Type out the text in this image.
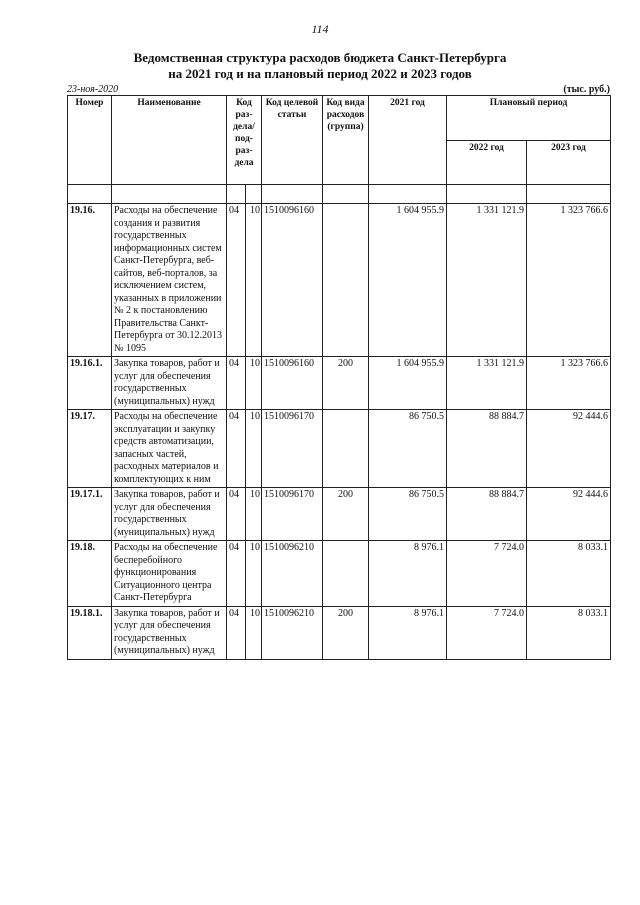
114
Ведомственная структура расходов бюджета Санкт-Петербурга
на 2021 год и на плановый период 2022 и 2023 годов
23-ноя-2020	(тыс. руб.)
Номер	Наименование	Код раз-дела/ под-раз-дела		Код целевой статьи	Код вида расходов (группа)	2021 год	Плановый период	
							2022 год	2023 год

19.16.	Расходы на обеспечение создания и развития государственных информационных систем Санкт-Петербурга, веб-сайтов, веб-порталов, за исключением систем, указанных в приложении № 2 к постановлению Правительства Санкт-Петербурга от 30.12.2013 № 1095	04	10	1510096160		1 604 955.9	1 331 121.9	1 323 766.6
19.16.1.	Закупка товаров, работ и услуг для обеспечения государственных (муниципальных) нужд	04	10	1510096160	200	1 604 955.9	1 331 121.9	1 323 766.6
19.17.	Расходы на обеспечение эксплуатации и закупку средств автоматизации, запасных частей, расходных материалов и комплектующих к ним	04	10	1510096170		86 750.5	88 884.7	92 444.6
19.17.1.	Закупка товаров, работ и услуг для обеспечения государственных (муниципальных) нужд	04	10	1510096170	200	86 750.5	88 884.7	92 444.6
19.18.	Расходы на обеспечение бесперебойного функционирования Ситуационного центра Санкт-Петербурга	04	10	1510096210		8 976.1	7 724.0	8 033.1
19.18.1.	Закупка товаров, работ и услуг для обеспечения государственных (муниципальных) нужд	04	10	1510096210	200	8 976.1	7 724.0	8 033.1
